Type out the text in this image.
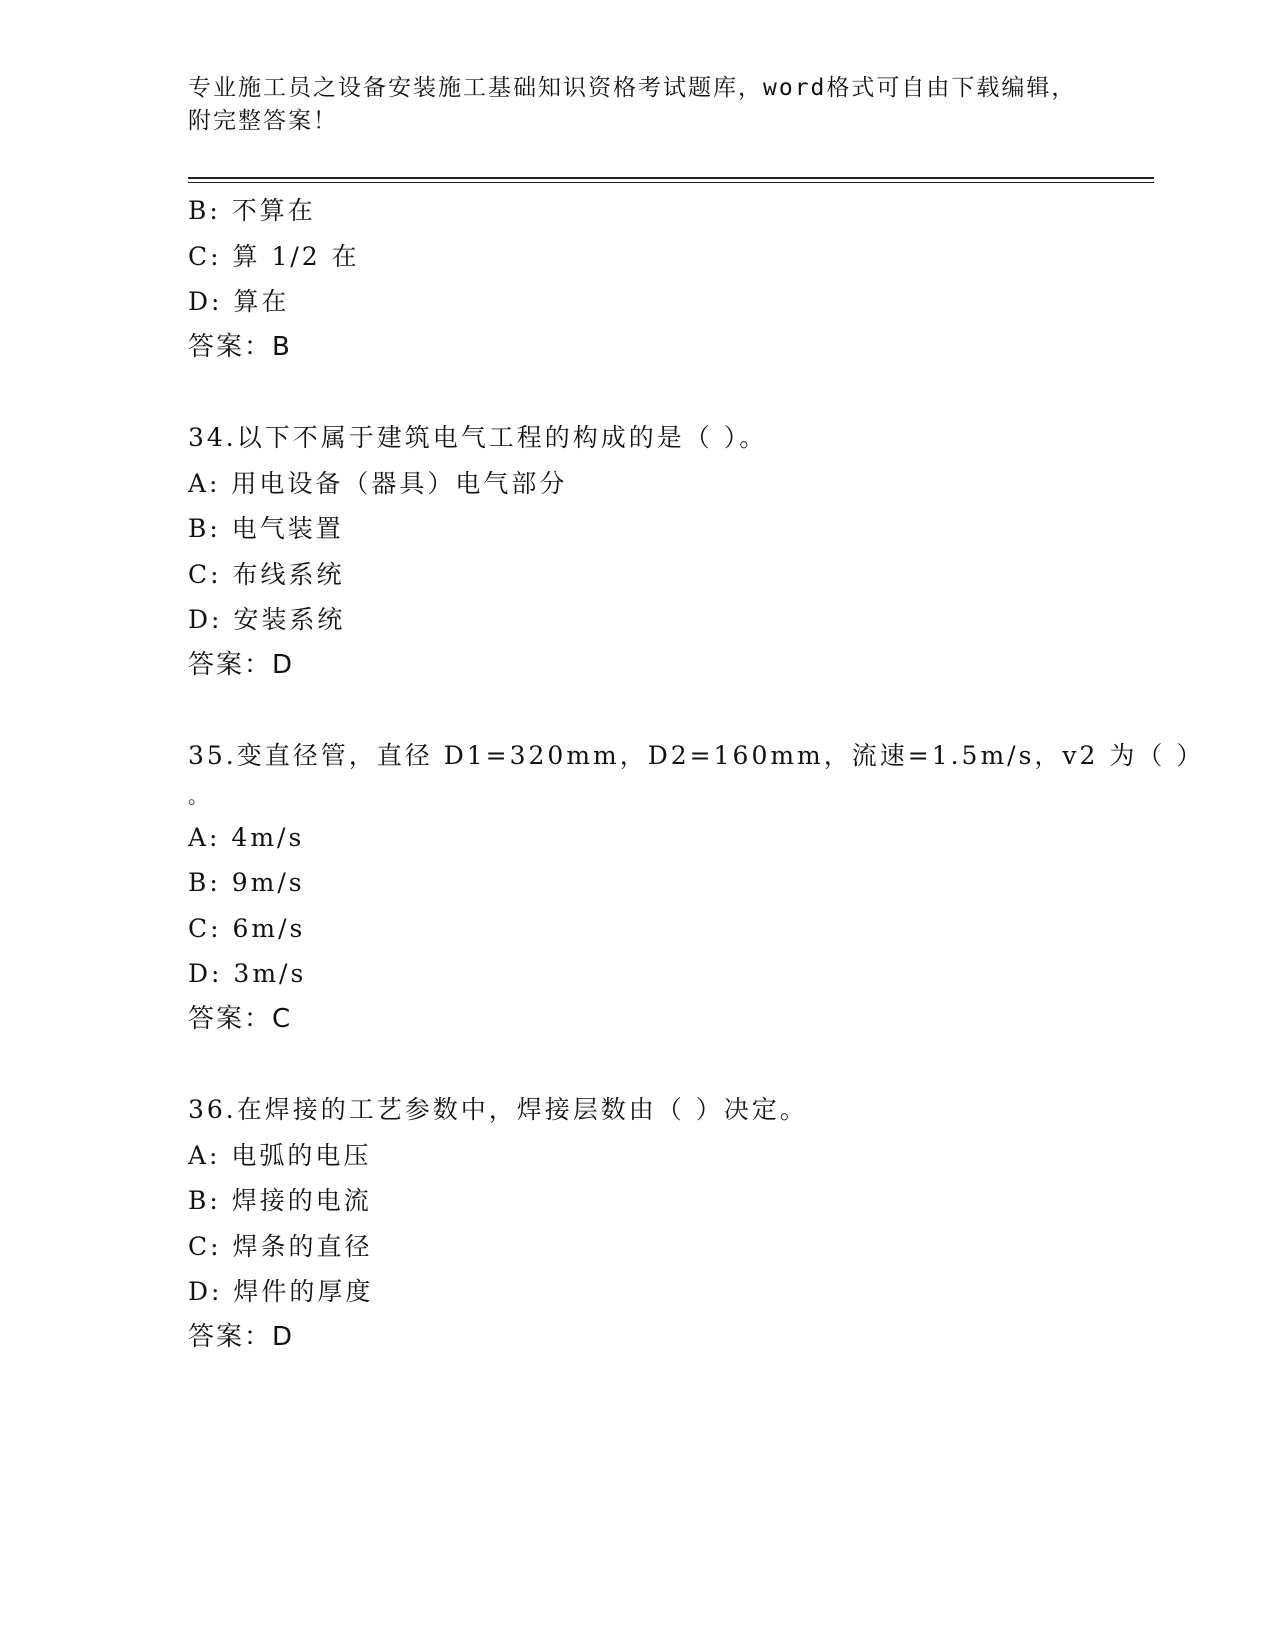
专业施工员之设备安装施工基础知识资格考试题库，word格式可自由下载编辑，
附完整答案！
B: 不算在
C: 算 1/2 在
D: 算在
答案：B
34.以下不属于建筑电气工程的构成的是（ ）。
A: 用电设备（器具）电气部分
B: 电气装置
C: 布线系统
D: 安装系统
答案：D
35.变直径管，直径 D1=320mm，D2=160mm，流速=1.5m/s，v2 为（ ）
。
A: 4m/s
B: 9m/s
C: 6m/s
D: 3m/s
答案：C
36.在焊接的工艺参数中，焊接层数由（ ）决定。
A: 电弧的电压
B: 焊接的电流
C: 焊条的直径
D: 焊件的厚度
答案：D
